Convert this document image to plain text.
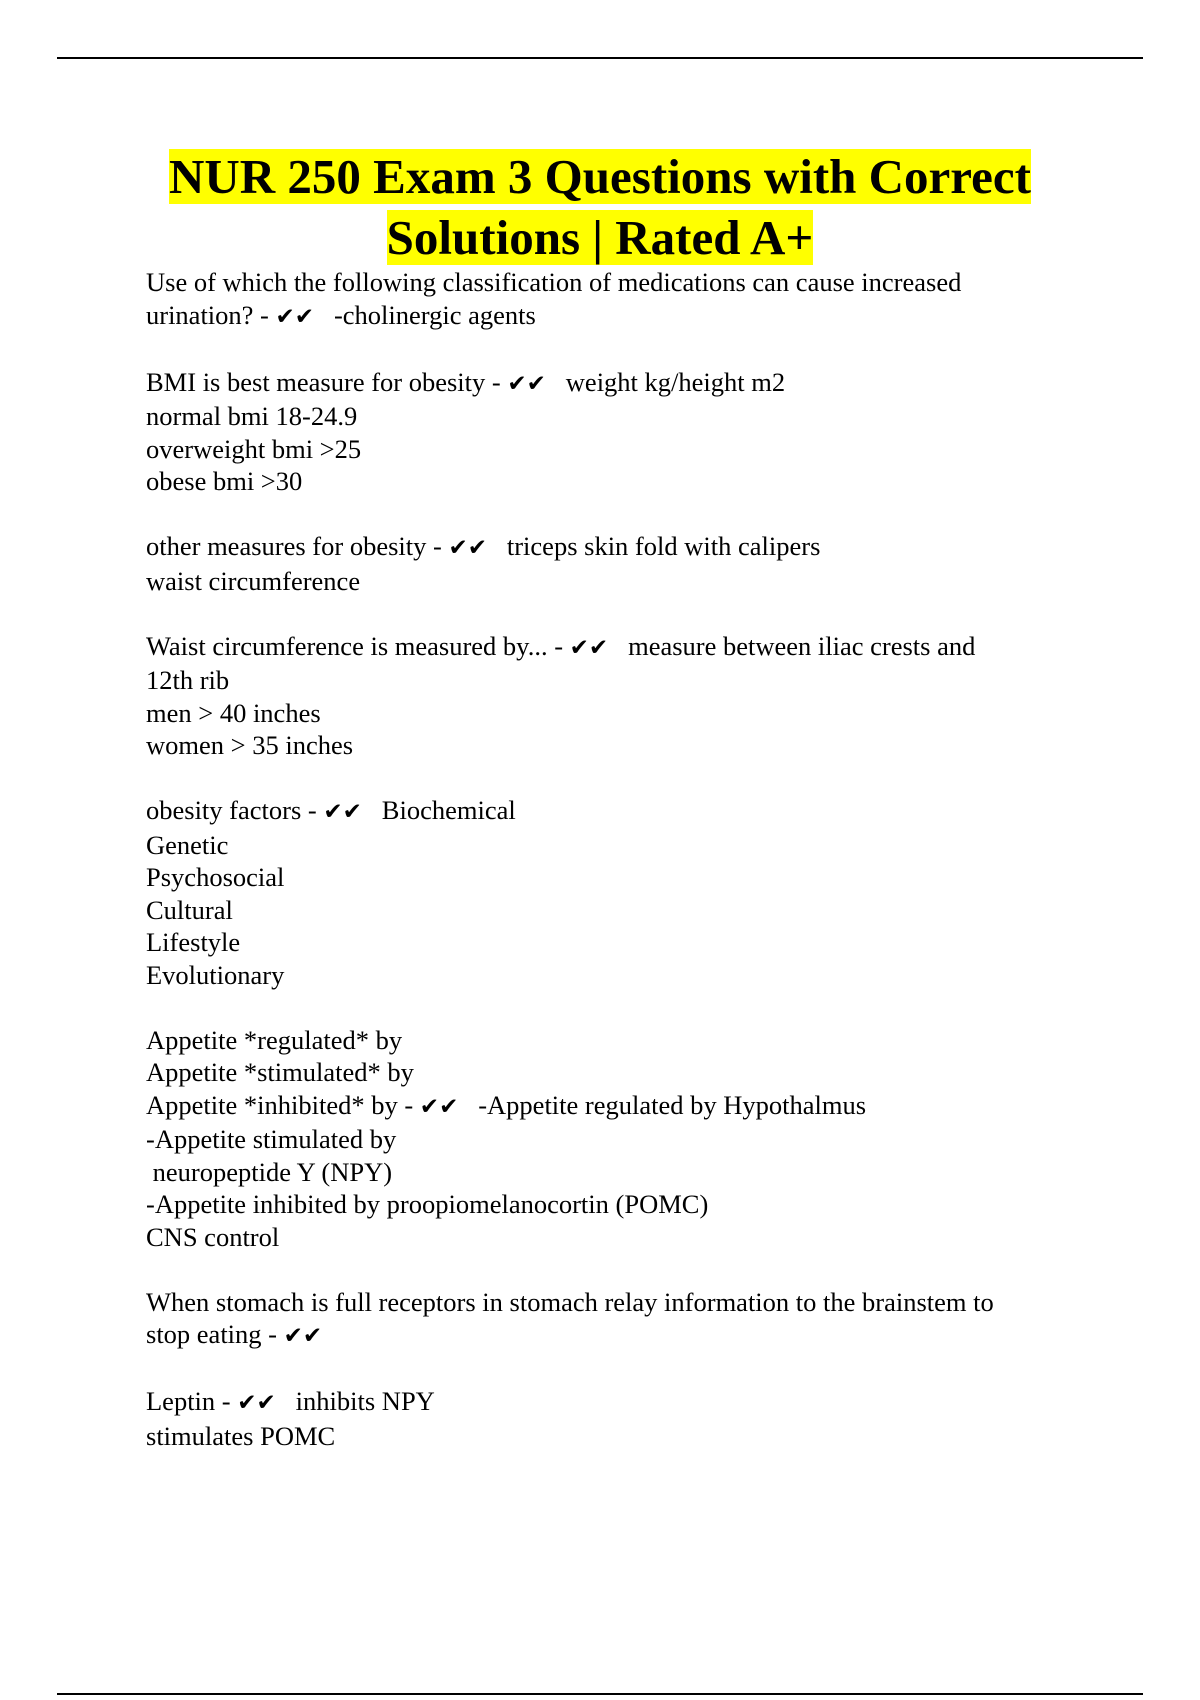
NUR 250 Exam 3 Questions with Correct
Solutions | Rated A+
Use of which the following classification of medications can cause increased
urination? - ✔✔   -cholinergic agents
BMI is best measure for obesity - ✔✔   weight kg/height m2
normal bmi 18-24.9
overweight bmi >25
obese bmi >30
other measures for obesity - ✔✔   triceps skin fold with calipers
waist circumference
Waist circumference is measured by... - ✔✔   measure between iliac crests and
12th rib
men > 40 inches
women > 35 inches
obesity factors - ✔✔   Biochemical
Genetic
Psychosocial
Cultural
Lifestyle
Evolutionary
Appetite *regulated* by
Appetite *stimulated* by
Appetite *inhibited* by - ✔✔   -Appetite regulated by Hypothalmus
-Appetite stimulated by
neuropeptide Y (NPY)
-Appetite inhibited by proopiomelanocortin (POMC)
CNS control
When stomach is full receptors in stomach relay information to the brainstem to
stop eating - ✔✔
Leptin - ✔✔   inhibits NPY
stimulates POMC
